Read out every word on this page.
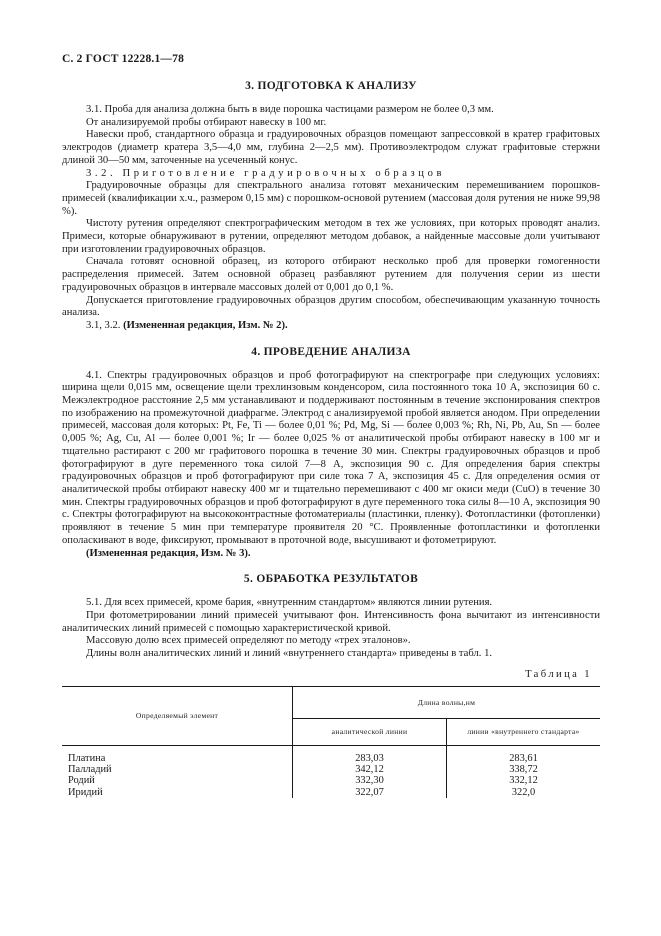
С. 2 ГОСТ 12228.1—78
3. ПОДГОТОВКА К АНАЛИЗУ

3.1. Проба для анализа должна быть в виде порошка частицами размером не более 0,3 мм.

От анализируемой пробы отбирают навеску в 100 мг.

Навески проб, стандартного образца и градуировочных образцов помещают запрессовкой в кратер графитовых электродов (диаметр кратера 3,5—4,0 мм, глубина 2—2,5 мм). Противоэлектродом служат графитовые стержни длиной 30—50 мм, заточенные на усеченный конус.

3.2. Приготовление градуировочных образцов

Градуировочные образцы для спектрального анализа готовят механическим перемешиванием порошков-примесей (квалификации х.ч., размером 0,15 мм) с порошком-основой рутением (массовая доля рутения не ниже 99,98 %).

Чистоту рутения определяют спектрографическим методом в тех же условиях, при которых проводят анализ. Примеси, которые обнаруживают в рутении, определяют методом добавок, а найденные массовые доли учитывают при изготовлении градуировочных образцов.

Сначала готовят основной образец, из которого отбирают несколько проб для проверки гомогенности распределения примесей. Затем основной образец разбавляют рутением для получения серии из шести градуировочных образцов в интервале массовых долей от 0,001 до 0,1 %.

Допускается приготовление градуировочных образцов другим способом, обеспечивающим указанную точность анализа.

3.1, 3.2. (Измененная редакция, Изм. № 2).

4. ПРОВЕДЕНИЕ АНАЛИЗА

4.1. Спектры градуировочных образцов и проб фотографируют на спектрографе при следующих условиях: ширина щели 0,015 мм, освещение щели трехлинзовым конденсором, сила постоянного тока 10 А, экспозиция 60 с. Межэлектродное расстояние 2,5 мм устанавливают и поддерживают постоянным в течение экспонирования спектров по изображению на промежуточной диафрагме. Электрод с анализируемой пробой является анодом. При определении примесей, массовая доля которых: Pt, Fe, Ti — более 0,01 %; Pd, Mg, Si — более 0,003 %; Rh, Ni, Pb, Au, Sn — более 0,005 %; Ag, Cu, Al — более 0,001 %; Ir — более 0,025 % от аналитической пробы отбирают навеску в 100 мг и тщательно растирают с 200 мг графитового порошка в течение 30 мин. Спектры градуировочных образцов и проб фотографируют в дуге переменного тока силой 7—8 А, экспозиция 90 с. Для определения бария спектры градуировочных образцов и проб фотографируют при силе тока 7 А, экспозиция 45 с. Для определения осмия от аналитической пробы отбирают навеску 400 мг и тщательно перемешивают с 400 мг окиси меди (CuO) в течение 30 мин. Спектры градуировочных образцов и проб фотографируют в дуге переменного тока силы 8—10 А, экспозиция 90 с. Спектры фотографируют на высококонтрастные фотоматериалы (пластинки, пленку). Фотопластинки (фотопленки) проявляют в течение 5 мин при температуре проявителя 20 °С. Проявленные фотопластинки и фотопленки ополаскивают в воде, фиксируют, промывают в проточной воде, высушивают и фотометрируют.

(Измененная редакция, Изм. № 3).

5. ОБРАБОТКА РЕЗУЛЬТАТОВ

5.1. Для всех примесей, кроме бария, «внутренним стандартом» являются линии рутения.

При фотометрировании линий примесей учитывают фон. Интенсивность фона вычитают из интенсивности аналитических линий примесей с помощью характеристической кривой.

Массовую долю всех примесей определяют по методу «трех эталонов».

Длины волн аналитических линий и линий «внутреннего стандарта» приведены в табл. 1.

Таблица 1
Определяемый элемент	Длина волны,нм	
	аналитической линии	линии «внутреннего стандарта»
Платина	283,03	283,61
Палладий	342,12	338,72
Родий	332,30	332,12
Иридий	322,07	322,0
